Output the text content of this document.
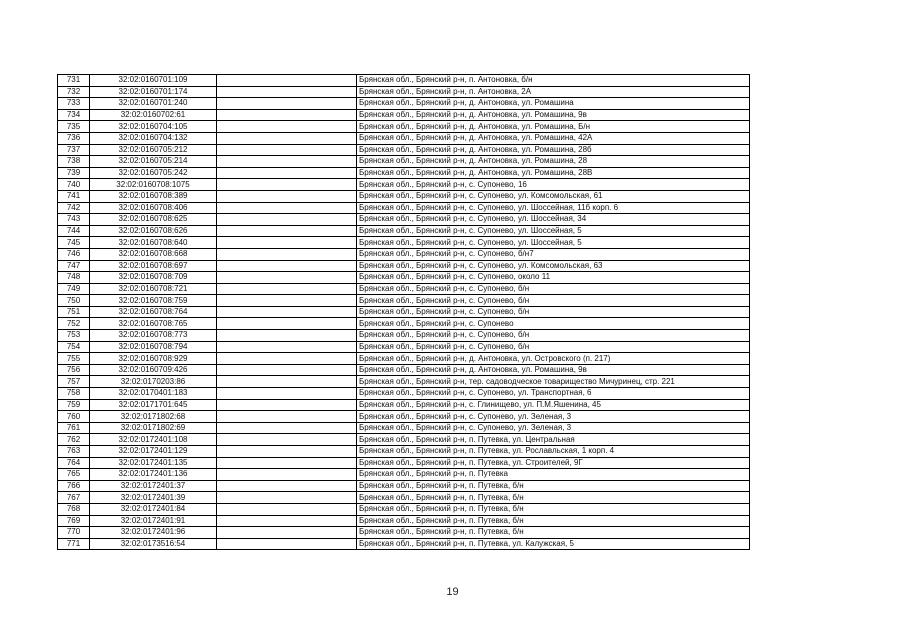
731	32:02:0160701:109		Брянская обл., Брянский р-н, п. Антоновка, б/н
732	32:02:0160701:174		Брянская обл., Брянский р-н, п. Антоновка, 2А
733	32:02:0160701:240		Брянская обл., Брянский р-н, д. Антоновка, ул. Ромашина
734	32:02:0160702:61		Брянская обл., Брянский р-н, д. Антоновка, ул. Ромашина, 9в
735	32:02:0160704:105		Брянская обл., Брянский р-н, д. Антоновка, ул. Ромашина, Б/н
736	32:02:0160704:132		Брянская обл., Брянский р-н, д. Антоновка, ул. Ромашина, 42А
737	32:02:0160705:212		Брянская обл., Брянский р-н, д. Антоновка, ул. Ромашина, 28б
738	32:02:0160705:214		Брянская обл., Брянский р-н, д. Антоновка, ул. Ромашина, 28
739	32:02:0160705:242		Брянская обл., Брянский р-н, д. Антоновка, ул. Ромашина, 28В
740	32:02:0160708:1075		Брянская обл., Брянский р-н, с. Супонево, 16
741	32:02:0160708:389		Брянская обл., Брянский р-н, с. Супонево, ул. Комсомольская, 61
742	32:02:0160708:406		Брянская обл., Брянский р-н, с. Супонево, ул. Шоссейная, 11б корп. 6
743	32:02:0160708:625		Брянская обл., Брянский р-н, с. Супонево, ул. Шоссейная, 34
744	32:02:0160708:626		Брянская обл., Брянский р-н, с. Супонево, ул. Шоссейная, 5
745	32:02:0160708:640		Брянская обл., Брянский р-н, с. Супонево, ул. Шоссейная, 5
746	32:02:0160708:668		Брянская обл., Брянский р-н, с. Супонево, б/н7
747	32:02:0160708:697		Брянская обл., Брянский р-н, с. Супонево, ул. Комсомольская, 63
748	32:02:0160708:709		Брянская обл., Брянский р-н, с. Супонево, около 11
749	32:02:0160708:721		Брянская обл., Брянский р-н, с. Супонево, б/н
750	32:02:0160708:759		Брянская обл., Брянский р-н, с. Супонево, б/н
751	32:02:0160708:764		Брянская обл., Брянский р-н, с. Супонево, б/н
752	32:02:0160708:765		Брянская обл., Брянский р-н, с. Супонево
753	32:02:0160708:773		Брянская обл., Брянский р-н, с. Супонево, б/н
754	32:02:0160708:794		Брянская обл., Брянский р-н, с. Супонево, б/н
755	32:02:0160708:929		Брянская обл., Брянский р-н, д. Антоновка, ул. Островского (п. 217)
756	32:02:0160709:426		Брянская обл., Брянский р-н, д. Антоновка, ул. Ромашина, 9в
757	32:02:0170203:86		Брянская обл., Брянский р-н, тер. садоводческое товарищество Мичуринец, стр. 221
758	32:02:0170401:183		Брянская обл., Брянский р-н, с. Супонево, ул. Транспортная, 6
759	32:02:0171701:645		Брянская обл., Брянский р-н, с. Глинищево, ул. П.М.Яшенина, 45
760	32:02:0171802:68		Брянская обл., Брянский р-н, с. Супонево, ул. Зеленая, 3
761	32:02:0171802:69		Брянская обл., Брянский р-н, с. Супонево, ул. Зеленая, 3
762	32:02:0172401:108		Брянская обл., Брянский р-н, п. Путевка, ул. Центральная
763	32:02:0172401:129		Брянская обл., Брянский р-н, п. Путевка, ул. Рославльская, 1 корп. 4
764	32:02:0172401:135		Брянская обл., Брянский р-н, п. Путевка, ул. Строителей, 9Г
765	32:02:0172401:136		Брянская обл., Брянский р-н, п. Путевка
766	32:02:0172401:37		Брянская обл., Брянский р-н, п. Путевка, б/н
767	32:02:0172401:39		Брянская обл., Брянский р-н, п. Путевка, б/н
768	32:02:0172401:84		Брянская обл., Брянский р-н, п. Путевка, б/н
769	32:02:0172401:91		Брянская обл., Брянский р-н, п. Путевка, б/н
770	32:02:0172401:96		Брянская обл., Брянский р-н, п. Путевка, б/н
771	32:02:0173516:54		Брянская обл., Брянский р-н, п. Путевка, ул. Калужская, 5
19
